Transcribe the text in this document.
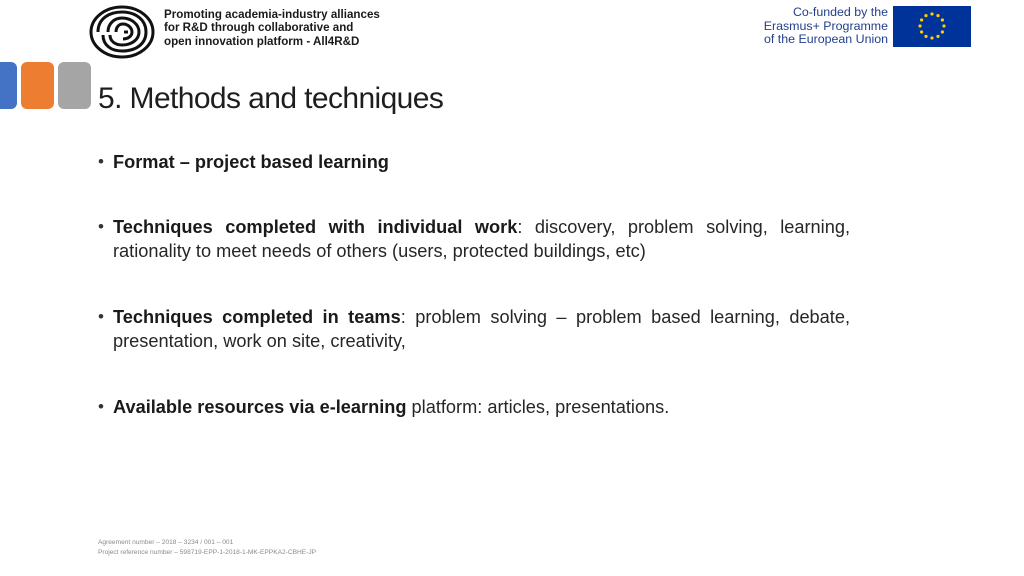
Promoting academia-industry alliances
for R&D through collaborative and
open innovation platform - All4R&D
Co-funded by the
Erasmus+ Programme
of the European Union
5. Methods and techniques
• Format – project based learning
• Techniques completed with individual work: discovery, problem solving, learning, rationality to meet needs of others (users, protected buildings, etc)
• Techniques completed in teams: problem solving – problem based learning, debate, presentation, work on site, creativity,
• Available resources via e-learning platform: articles, presentations.
Agreement number – 2018 – 3234 / 001 – 001
Project reference number – 598719-EPP-1-2018-1-MK-EPPKA2-CBHE-JP
